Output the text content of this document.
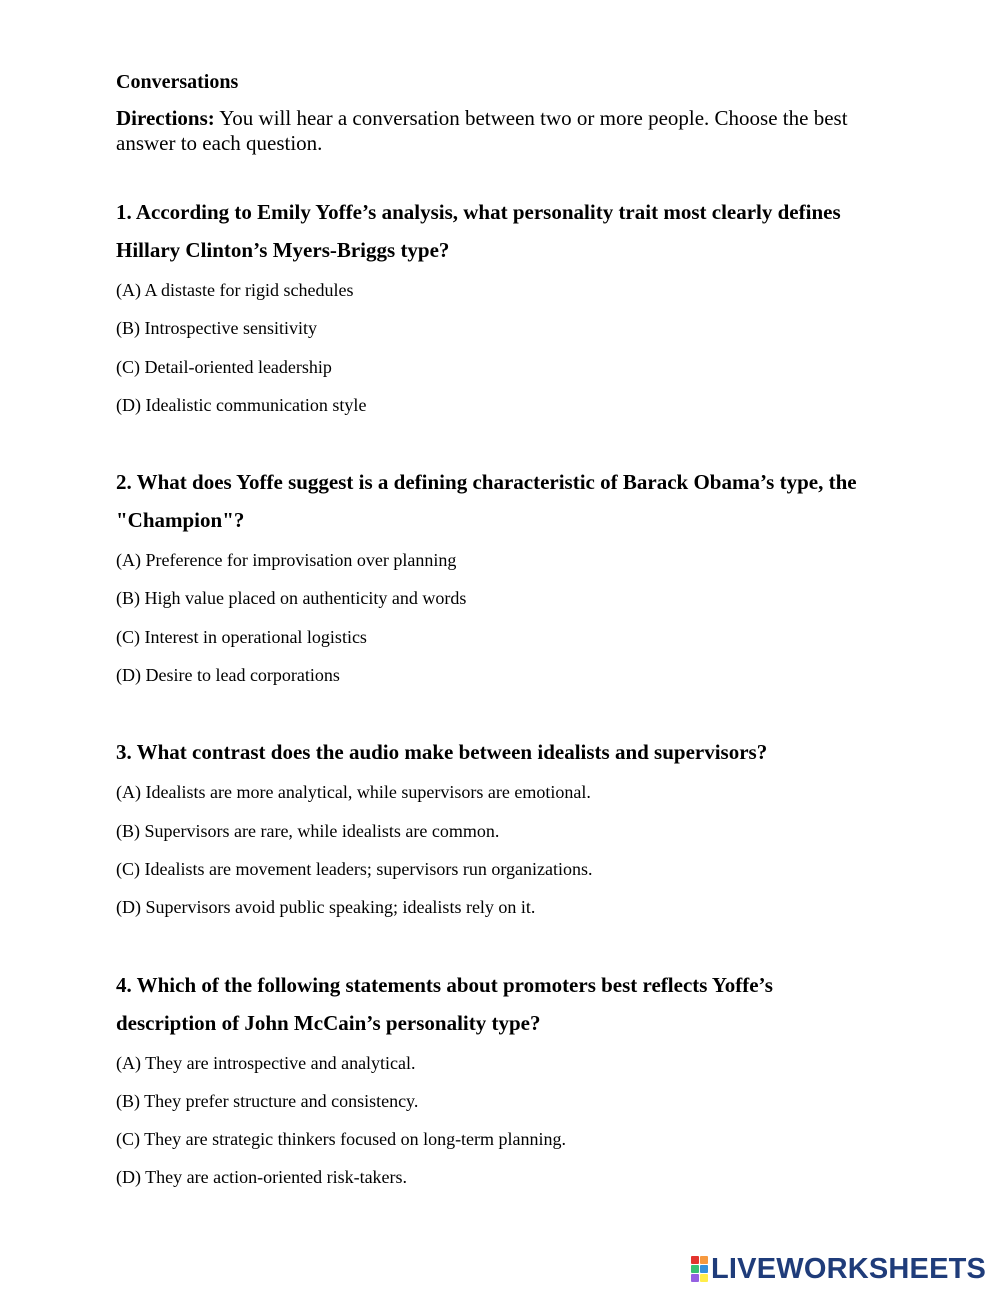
Conversations
Directions: You will hear a conversation between two or more people. Choose the best answer to each question.
1. According to Emily Yoffe’s analysis, what personality trait most clearly defines Hillary Clinton’s Myers-Briggs type?
(A) A distaste for rigid schedules
(B) Introspective sensitivity
(C) Detail-oriented leadership
(D) Idealistic communication style
2. What does Yoffe suggest is a defining characteristic of Barack Obama’s type, the "Champion"?
(A) Preference for improvisation over planning
(B) High value placed on authenticity and words
(C) Interest in operational logistics
(D) Desire to lead corporations
3. What contrast does the audio make between idealists and supervisors?
(A) Idealists are more analytical, while supervisors are emotional.
(B) Supervisors are rare, while idealists are common.
(C) Idealists are movement leaders; supervisors run organizations.
(D) Supervisors avoid public speaking; idealists rely on it.
4. Which of the following statements about promoters best reflects Yoffe’s description of John McCain’s personality type?
(A) They are introspective and analytical.
(B) They prefer structure and consistency.
(C) They are strategic thinkers focused on long-term planning.
(D) They are action-oriented risk-takers.
LIVEWORKSHEETS
